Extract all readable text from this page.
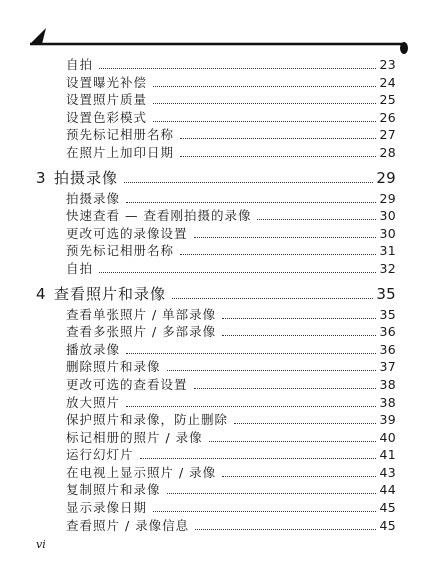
自拍	23
设置曝光补偿	24
设置照片质量	25
设置色彩模式	26
预先标记相册名称	27
在照片上加印日期	28
3 拍摄录像	29
拍摄录像	29
快速查看 — 查看刚拍摄的录像	30
更改可选的录像设置	30
预先标记相册名称	31
自拍	32
4 查看照片和录像	35
查看单张照片 / 单部录像	35
查看多张照片 / 多部录像	36
播放录像	36
删除照片和录像	37
更改可选的查看设置	38
放大照片	38
保护照片和录像，防止删除	39
标记相册的照片 / 录像	40
运行幻灯片	41
在电视上显示照片 / 录像	43
复制照片和录像	44
显示录像日期	45
查看照片 / 录像信息	45
vi
